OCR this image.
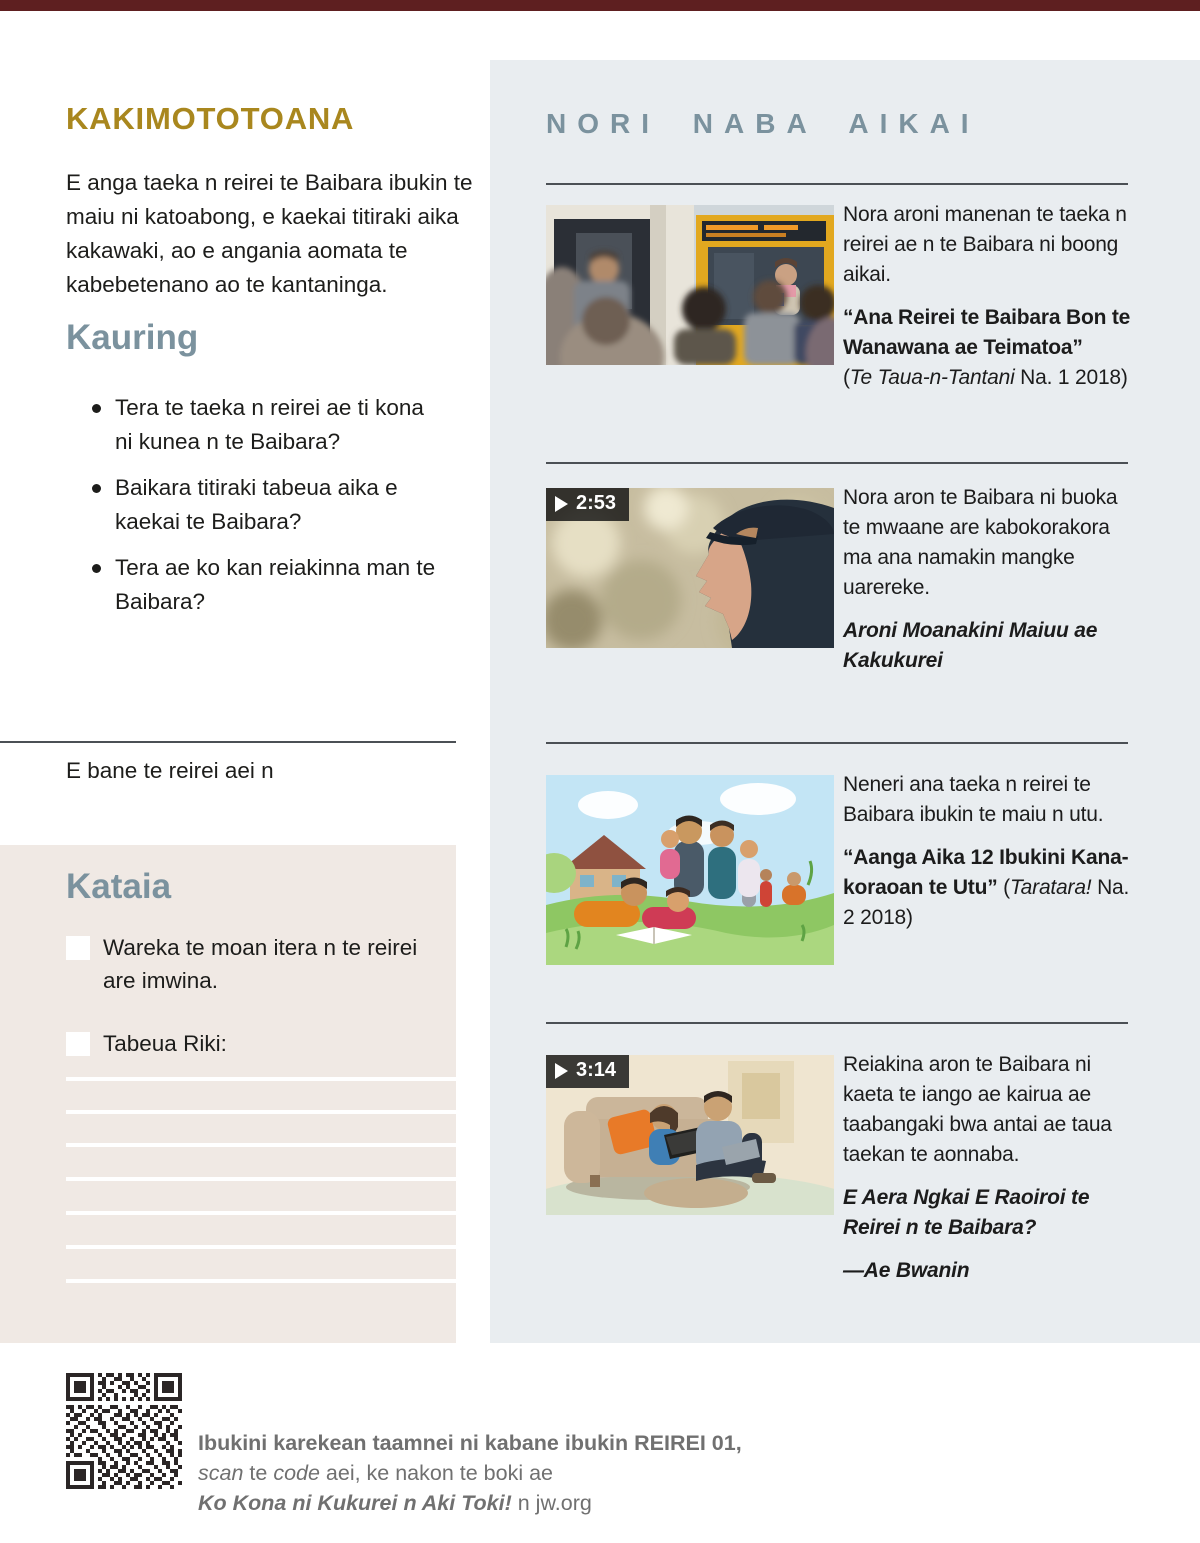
KAKIMOTOTOANA

E anga taeka n reirei te Baibara ibukin te maiu ni katoabong, e kaekai titiraki aika kakawaki, ao e angania aomata te kabebetenano ao te kantaninga.

Kauring
Tera te taeka n reirei ae ti kona ni kunea n te Baibara?
Baikara titiraki tabeua aika e kaekai te Baibara?
Tera ae ko kan reiakinna man te Baibara?
E bane te reirei aei n
Kataia
Wareka te moan itera n te reirei are imwina.
Tabeua Riki:
NORI NABA AIKAI

Nora aroni manenan te taeka n reirei ae n te Baibara ni boong aikai.

“Ana Reirei te Baibara Bon te Wanawana ae Teimatoa”
(Te Taua-n-Tantani Na. 1 2018)

2:53	Nora aron te Baibara ni buoka te mwaane are kabokorakora ma ana namakin mangke uarereke.

Aroni Moanakini Maiuu ae Kakukurei

Neneri ana taeka n reirei te Baibara ibukin te maiu n utu.

“Aanga Aika 12 Ibukini Kana-koraoan te Utu” (Taratara! Na. 2 2018)

3:14	Reiakina aron te Baibara ni kaeta te iango ae kairua ae taabangaki bwa antai ae taua taekan te aonnaba.

E Aera Ngkai E Raoiroi te Reirei n te Baibara?

—Ae Bwanin

Ibukini karekean taamnei ni kabane ibukin REIREI 01,
scan te code aei, ke nakon te boki ae
Ko Kona ni Kukurei n Aki Toki! n jw.org
